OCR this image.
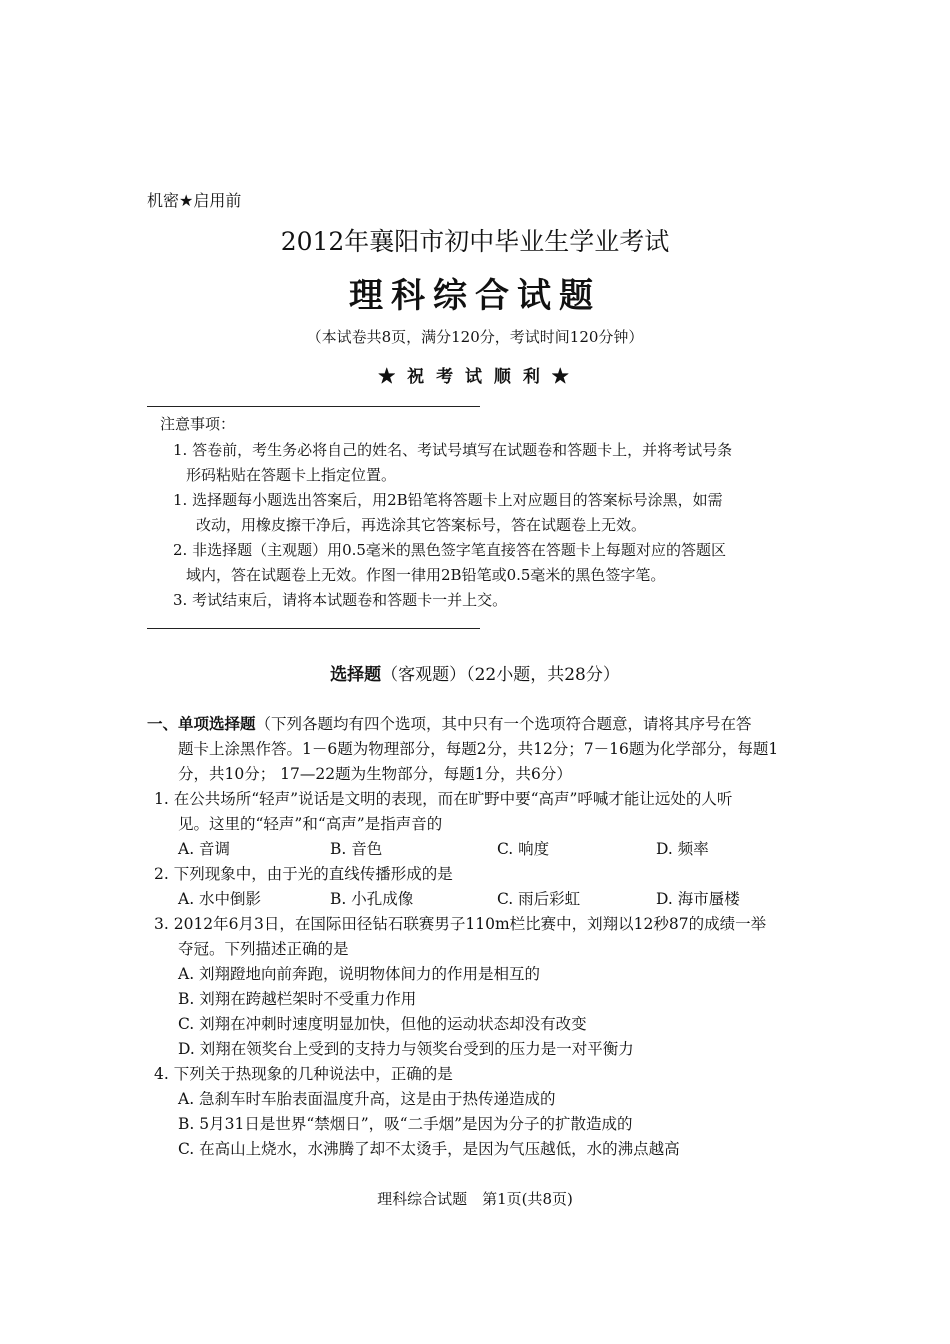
机密★启用前
2012年襄阳市初中毕业生学业考试
理科综合试题
（本试卷共8页，满分120分，考试时间120分钟）
★ 祝 考 试 顺 利 ★
注意事项：
1. 答卷前，考生务必将自己的姓名、考试号填写在试题卷和答题卡上，并将考试号条
形码粘贴在答题卡上指定位置。
1. 选择题每小题选出答案后，用2B铅笔将答题卡上对应题目的答案标号涂黑，如需
改动，用橡皮擦干净后，再选涂其它答案标号，答在试题卷上无效。
2. 非选择题（主观题）用0.5毫米的黑色签字笔直接答在答题卡上每题对应的答题区
域内，答在试题卷上无效。作图一律用2B铅笔或0.5毫米的黑色签字笔。
3. 考试结束后，请将本试题卷和答题卡一并上交。
选择题（客观题）（22小题，共28分）
一、单项选择题（下列各题均有四个选项，其中只有一个选项符合题意，请将其序号在答
题卡上涂黑作答。1－6题为物理部分，每题2分，共12分；7－16题为化学部分，每题1
分，共10分； 17—22题为生物部分，每题1分，共6分）
1. 在公共场所“轻声”说话是文明的表现，而在旷野中要“高声”呼喊才能让远处的人听
见。这里的“轻声”和“高声”是指声音的
A. 音调	B. 音色	C. 响度	D. 频率
2. 下列现象中，由于光的直线传播形成的是
A. 水中倒影	B. 小孔成像	C. 雨后彩虹	D. 海市蜃楼
3. 2012年6月3日，在国际田径钻石联赛男子110m栏比赛中，刘翔以12秒87的成绩一举
夺冠。下列描述正确的是
A. 刘翔蹬地向前奔跑，说明物体间力的作用是相互的
B. 刘翔在跨越栏架时不受重力作用
C. 刘翔在冲刺时速度明显加快，但他的运动状态却没有改变
D. 刘翔在领奖台上受到的支持力与领奖台受到的压力是一对平衡力
4. 下列关于热现象的几种说法中，正确的是
A. 急刹车时车胎表面温度升高，这是由于热传递造成的
B. 5月31日是世界“禁烟日”，吸“二手烟”是因为分子的扩散造成的
C. 在高山上烧水，水沸腾了却不太烫手，是因为气压越低，水的沸点越高
理科综合试题　第1页(共8页)
